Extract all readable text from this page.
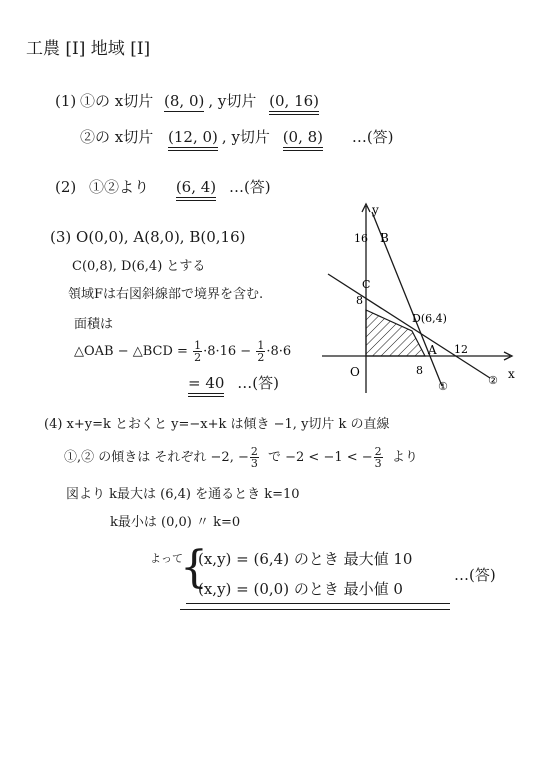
工農 [I] 地域 [I]
(1) ①の x切片 (8, 0) , y切片 (0, 16)
②の x切片 (12, 0) , y切片 (0, 8) …(答)
(2) ①②より (6, 4) …(答)
(3) O(0,0), A(8,0), B(0,16)
C(0,8), D(6,4) とする
領域Fは右図斜線部で境界を含む.
面積は
△OAB − △BCD = $\frac{1}{2} \cdot 8\cdot 16 - \frac{1}{2} \cdot 8\cdot 6$
= 40 …(答)
y
x
O
16 B
8
C
D(6,4)
A 12
8
①	②
(4) x+y=k とおくと y=−x+k は傾き −1, y切片 k の直線
①,② の傾きは それぞれ −2, − $\frac{2}{3}$ で −2 < −1 < − $\frac{2}{3}$ より
図より k最大は (6,4) を通るとき k=10
k最小は (0,0) 〃 k=0
よって
{
(x,y) = (6,4) のとき 最大値 10
(x,y) = (0,0) のとき 最小値 0
…(答)
